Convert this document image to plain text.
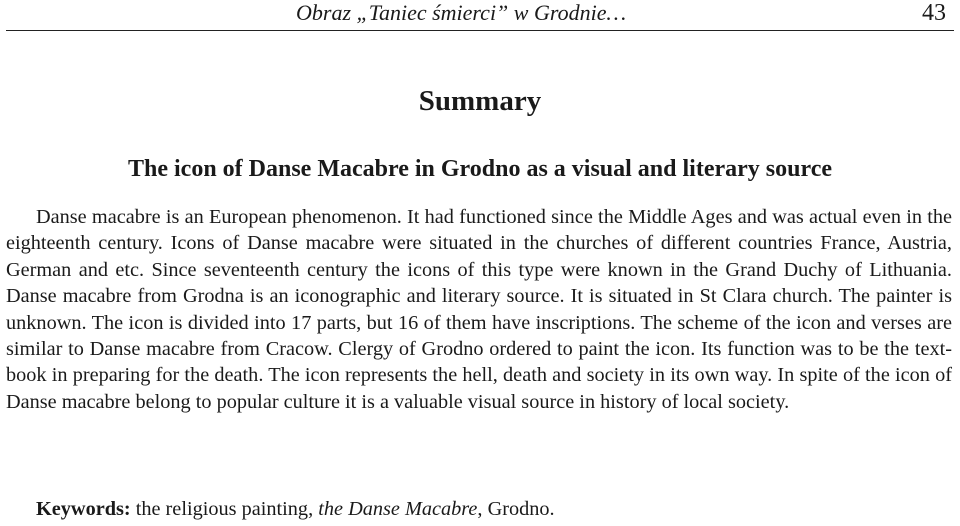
Obraz „Taniec śmierci” w Grodnie…	43
Summary
The icon of Danse Macabre in Grodno as a visual and literary source

Danse macabre is an European phenomenon. It had functioned since the Middle Ages and was actual even in the eighteenth century. Icons of Danse macabre were situated in the churches of different countries France, Austria, German and etc. Since seventeenth century the icons of this type were known in the Grand Duchy of Lithuania. Danse macabre from Grodna is an iconographic and literary source. It is situated in St Clara church. The painter is unknown. The icon is divided into 17 parts, but 16 of them have inscriptions. The scheme of the icon and verses are similar to Danse macabre from Cracow. Clergy of Grodno ordered to paint the icon. Its function was to be the textbook in preparing for the death. The icon represents the hell, death and society in its own way. In spite of the icon of Danse macabre belong to popular culture it is a valuable visual source in history of local society.

Keywords: the religious painting, the Danse Macabre, Grodno.
